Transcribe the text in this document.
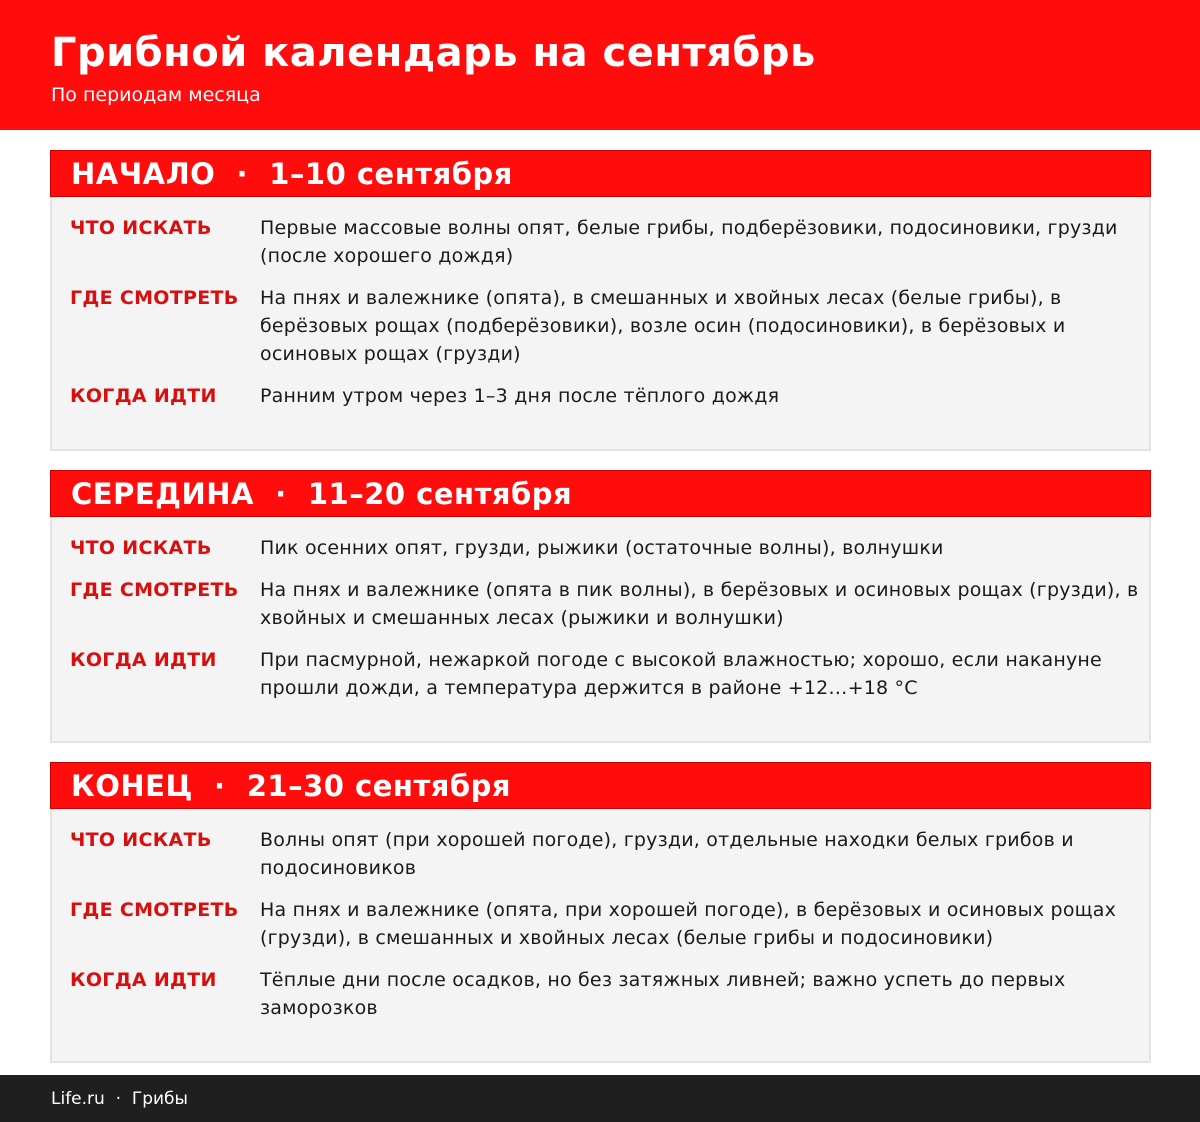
Грибной календарь на сентябрь
По периодам месяца
НАЧАЛО  ·  1–10 сентября
ЧТО ИСКАТЬ	Первые массовые волны опят, белые грибы, подберёзовики, подосиновики, грузди (после хорошего дождя)
ГДЕ СМОТРЕТЬ	На пнях и валежнике (опята), в смешанных и хвойных лесах (белые грибы), в берёзовых рощах (подберёзовики), возле осин (подосиновики), в берёзовых и осиновых рощах (грузди)
КОГДА ИДТИ	Ранним утром через 1–3 дня после тёплого дождя
СЕРЕДИНА  ·  11–20 сентября
ЧТО ИСКАТЬ	Пик осенних опят, грузди, рыжики (остаточные волны), волнушки
ГДЕ СМОТРЕТЬ	На пнях и валежнике (опята в пик волны), в берёзовых и осиновых рощах (грузди), в хвойных и смешанных лесах (рыжики и волнушки)
КОГДА ИДТИ	При пасмурной, нежаркой погоде с высокой влажностью; хорошо, если накануне прошли дожди, а температура держится в районе +12…+18 °C
КОНЕЦ  ·  21–30 сентября
ЧТО ИСКАТЬ	Волны опят (при хорошей погоде), грузди, отдельные находки белых грибов и подосиновиков
ГДЕ СМОТРЕТЬ	На пнях и валежнике (опята, при хорошей погоде), в берёзовых и осиновых рощах (грузди), в смешанных и хвойных лесах (белые грибы и подосиновики)
КОГДА ИДТИ	Тёплые дни после осадков, но без затяжных ливней; важно успеть до первых заморозков
Life.ru  ·  Грибы
